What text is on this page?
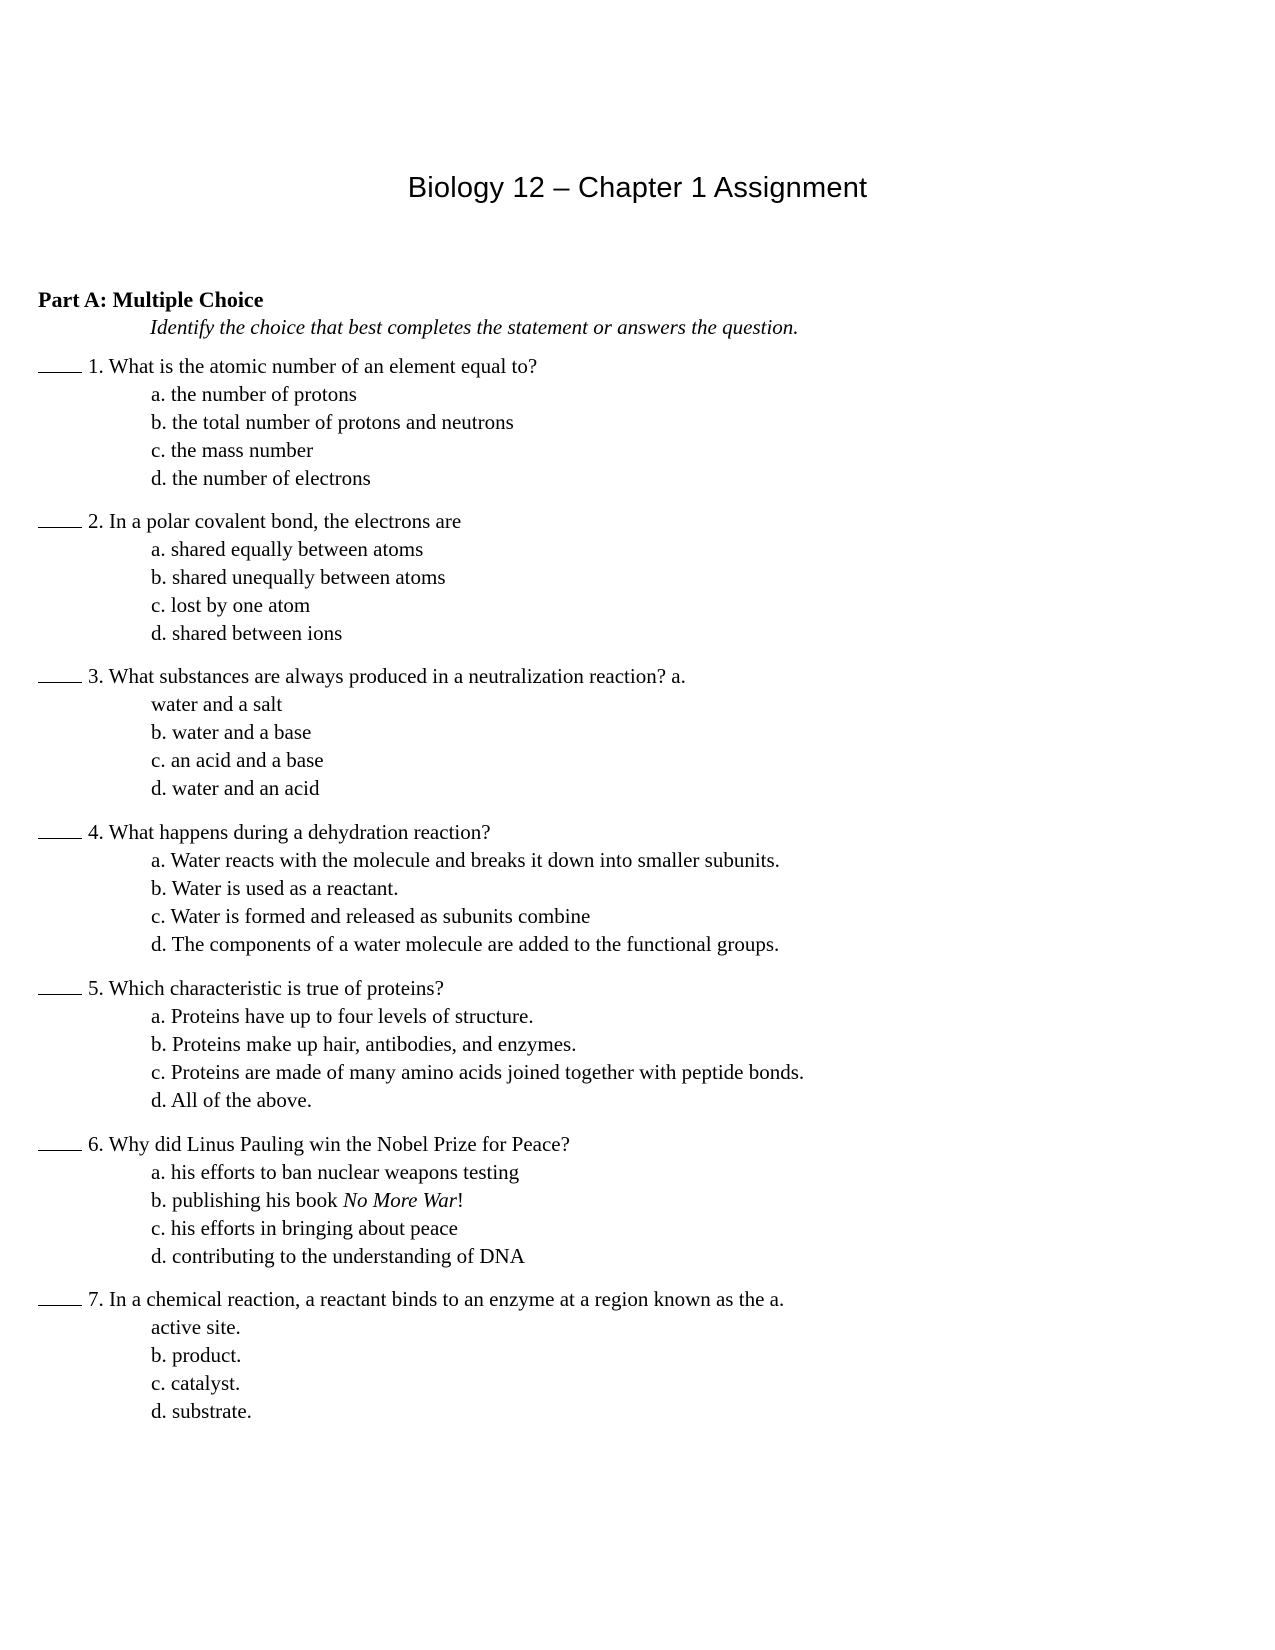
Biology 12 – Chapter 1 Assignment
Part A: Multiple Choice
Identify the choice that best completes the statement or answers the question.
1. What is the atomic number of an element equal to?
a. the number of protons
b. the total number of protons and neutrons
c. the mass number
d. the number of electrons
2. In a polar covalent bond, the electrons are
a. shared equally between atoms
b. shared unequally between atoms
c. lost by one atom
d. shared between ions
3. What substances are always produced in a neutralization reaction? a.
water and a salt
b. water and a base
c. an acid and a base
d. water and an acid
4. What happens during a dehydration reaction?
a. Water reacts with the molecule and breaks it down into smaller subunits.
b. Water is used as a reactant.
c. Water is formed and released as subunits combine
d. The components of a water molecule are added to the functional groups.
5. Which characteristic is true of proteins?
a. Proteins have up to four levels of structure.
b. Proteins make up hair, antibodies, and enzymes.
c. Proteins are made of many amino acids joined together with peptide bonds.
d. All of the above.
6. Why did Linus Pauling win the Nobel Prize for Peace?
a. his efforts to ban nuclear weapons testing
b. publishing his book No More War!
c. his efforts in bringing about peace
d. contributing to the understanding of DNA
7. In a chemical reaction, a reactant binds to an enzyme at a region known as the a.
active site.
b. product.
c. catalyst.
d. substrate.
